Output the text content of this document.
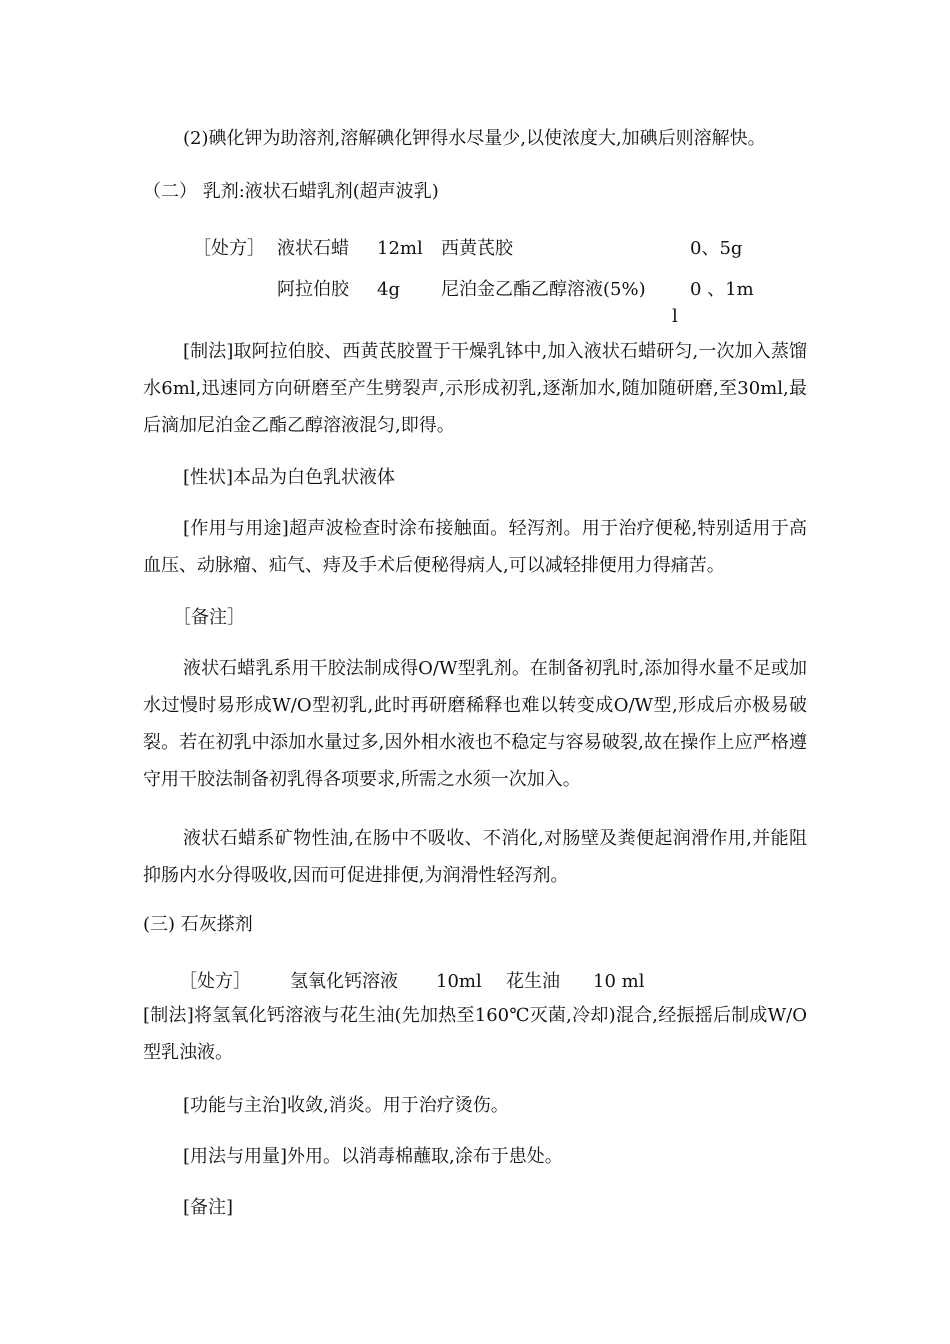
(2)碘化钾为助溶剂,溶解碘化钾得水尽量少,以使浓度大,加碘后则溶解快。
（二） 乳剂:液状石蜡乳剂(超声波乳)
［处方］ 液状石蜡 12ml 西黄芪胶	0、5g
阿拉伯胶 4g 尼泊金乙酯乙醇溶液(5%) 0 、1m
l
[制法]取阿拉伯胶、西黄芪胶置于干燥乳钵中,加入液状石蜡研匀,一次加入蒸馏水6ml,迅速同方向研磨至产生劈裂声,示形成初乳,逐渐加水,随加随研磨,至30ml,最后滴加尼泊金乙酯乙醇溶液混匀,即得。
[性状]本品为白色乳状液体
[作用与用途]超声波检查时涂布接触面。轻泻剂。用于治疗便秘,特别适用于高血压、动脉瘤、疝气、痔及手术后便秘得病人,可以减轻排便用力得痛苦。
［备注］
液状石蜡乳系用干胶法制成得O/W型乳剂。在制备初乳时,添加得水量不足或加水过慢时易形成W/O型初乳,此时再研磨稀释也难以转变成O/W型,形成后亦极易破裂。若在初乳中添加水量过多,因外相水液也不稳定与容易破裂,故在操作上应严格遵守用干胶法制备初乳得各项要求,所需之水须一次加入。
液状石蜡系矿物性油,在肠中不吸收、不消化,对肠壁及粪便起润滑作用,并能阻抑肠内水分得吸收,因而可促进排便,为润滑性轻泻剂。
(三) 石灰搽剂
［处方］ 氢氧化钙溶液 10ml 花生油 10 ml
[制法]将氢氧化钙溶液与花生油(先加热至160℃灭菌,冷却)混合,经振摇后制成W/O型乳浊液。
[功能与主治]收敛,消炎。用于治疗烫伤。
[用法与用量]外用。以消毒棉蘸取,涂布于患处。
[备注]
